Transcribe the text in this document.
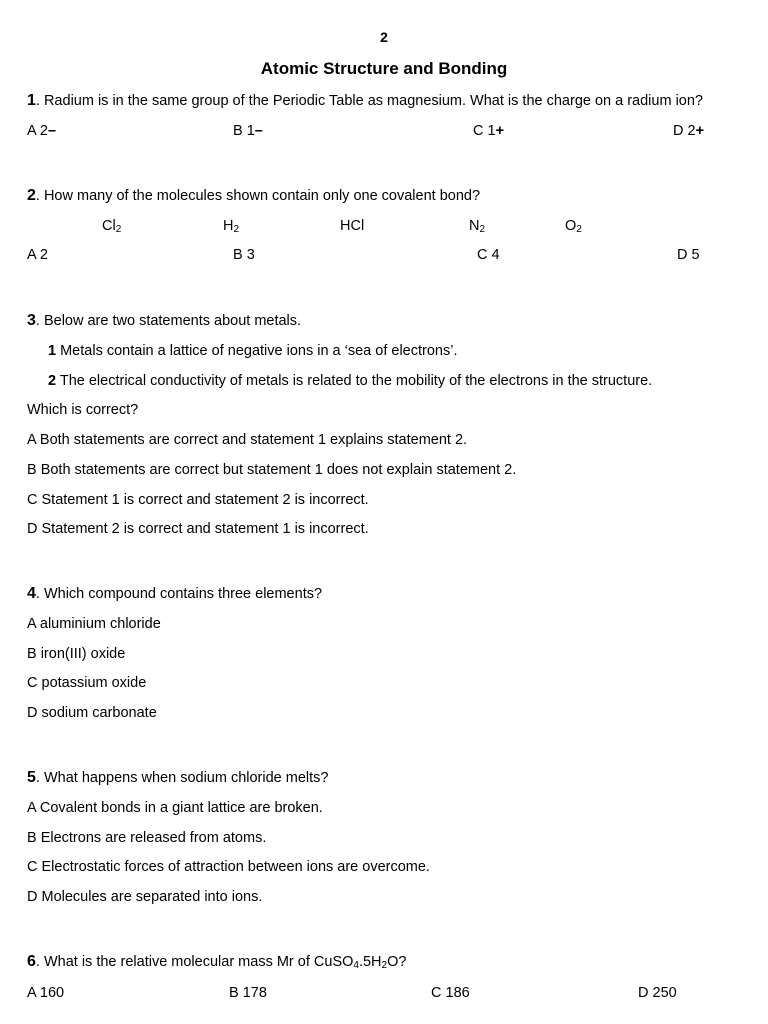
2
Atomic Structure and Bonding
1. Radium is in the same group of the Periodic Table as magnesium. What is the charge on a radium ion?
A 2–	B 1–	C 1+	D 2+
2. How many of the molecules shown contain only one covalent bond?
$Cl_2$	$H_2$	HCl	$N_2$	$O_2$
A 2	B 3	C 4	D 5
3. Below are two statements about metals.
1 Metals contain a lattice of negative ions in a ‘sea of electrons’.
2 The electrical conductivity of metals is related to the mobility of the electrons in the structure.
Which is correct?
A Both statements are correct and statement 1 explains statement 2.
B Both statements are correct but statement 1 does not explain statement 2.
C Statement 1 is correct and statement 2 is incorrect.
D Statement 2 is correct and statement 1 is incorrect.
4. Which compound contains three elements?
A aluminium chloride
B iron(III) oxide
C potassium oxide
D sodium carbonate
5. What happens when sodium chloride melts?
A Covalent bonds in a giant lattice are broken.
B Electrons are released from atoms.
C Electrostatic forces of attraction between ions are overcome.
D Molecules are separated into ions.
6. What is the relative molecular mass Mr of $CuSO_4.5H_2O$?
A 160	B 178	C 186	D 250
